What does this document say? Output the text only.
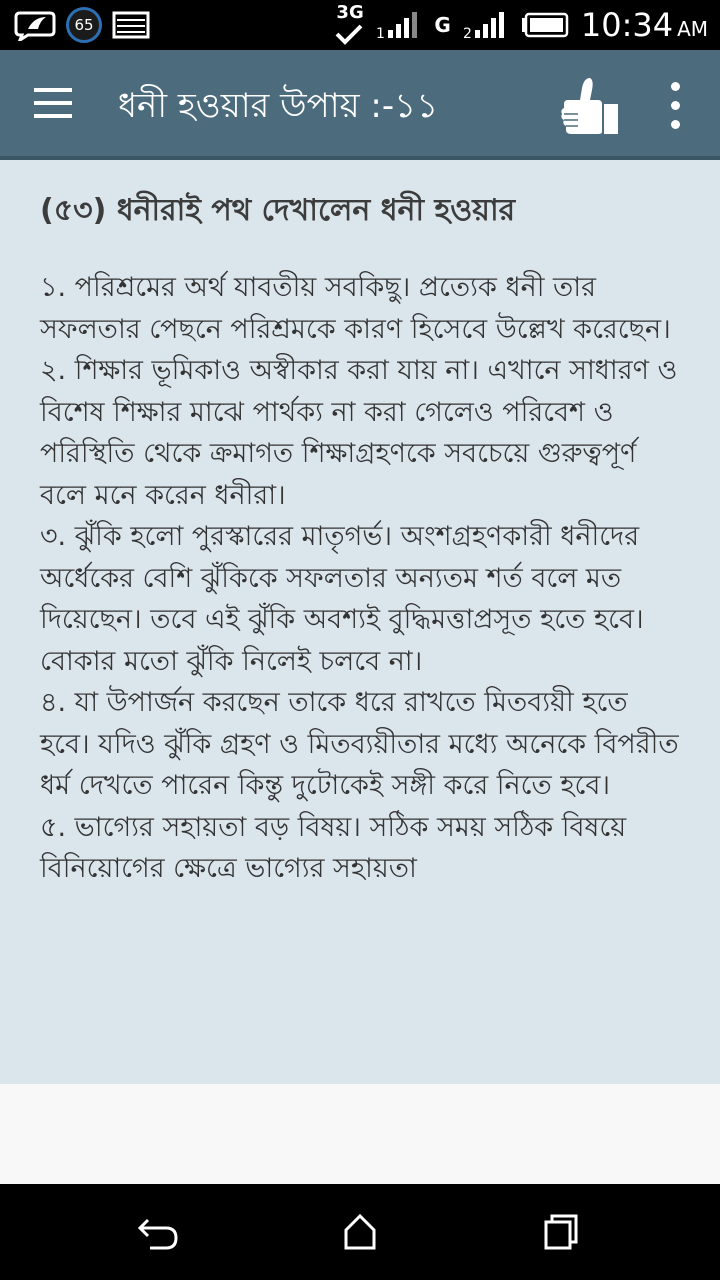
65
3G
1 G 2	10:34 AM
ধনী হওয়ার উপায় :-১১
(৫৩) ধনীরাই পথ দেখালেন ধনী হওয়ার

১. পরিশ্রমের অর্থ যাবতীয় সবকিছু। প্রত্যেক ধনী তার সফলতার পেছনে পরিশ্রমকে কারণ হিসেবে উল্লেখ করেছেন।

২. শিক্ষার ভূমিকাও অস্বীকার করা যায় না। এখানে সাধারণ ও বিশেষ শিক্ষার মাঝে পার্থক্য না করা গেলেও পরিবেশ ও পরিস্থিতি থেকে ক্রমাগত শিক্ষাগ্রহণকে সবচেয়ে গুরুত্বপূর্ণ বলে মনে করেন ধনীরা।

৩. ঝুঁকি হলো পুরস্কারের মাতৃগর্ভ। অংশগ্রহণকারী ধনীদের অর্ধেকের বেশি ঝুঁকিকে সফলতার অন্যতম শর্ত বলে মত দিয়েছেন। তবে এই ঝুঁকি অবশ্যই বুদ্ধিমত্তাপ্রসূত হতে হবে। বোকার মতো ঝুঁকি নিলেই চলবে না।

৪. যা উপার্জন করছেন তাকে ধরে রাখতে মিতব্যয়ী হতে হবে। যদিও ঝুঁকি গ্রহণ ও মিতব্যয়ীতার মধ্যে অনেকে বিপরীত ধর্ম দেখতে পারেন কিন্তু দুটোকেই সঙ্গী করে নিতে হবে।

৫. ভাগ্যের সহায়তা বড় বিষয়। সঠিক সময় সঠিক বিষয়ে বিনিয়োগের ক্ষেত্রে ভাগ্যের সহায়তা
